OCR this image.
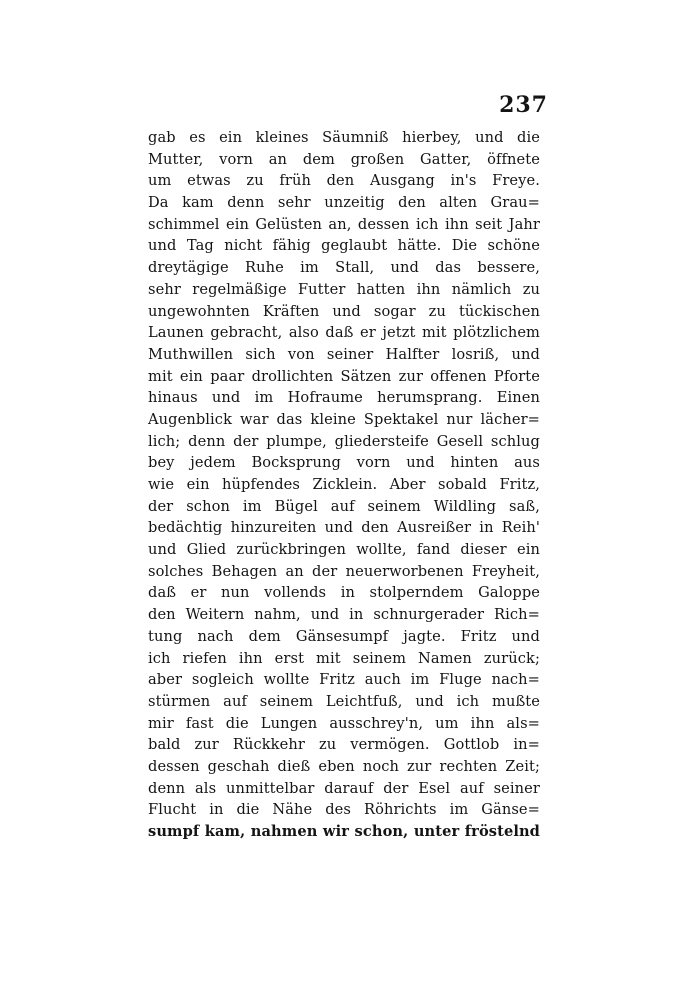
237
gab es ein kleines Säumniß hierbey, und die
Mutter, vorn an dem großen Gatter, öffnete
um etwas zu früh den Ausgang in's Freye.
Da kam denn sehr unzeitig den alten Grau=
schimmel ein Gelüsten an, dessen ich ihn seit Jahr
und Tag nicht fähig geglaubt hätte. Die schöne
dreytägige Ruhe im Stall, und das bessere,
sehr regelmäßige Futter hatten ihn nämlich zu
ungewohnten Kräften und sogar zu tückischen
Launen gebracht, also daß er jetzt mit plötzlichem
Muthwillen sich von seiner Halfter losriß, und
mit ein paar drollichten Sätzen zur offenen Pforte
hinaus und im Hofraume herumsprang. Einen
Augenblick war das kleine Spektakel nur lächer=
lich; denn der plumpe, gliedersteife Gesell schlug
bey jedem Bocksprung vorn und hinten aus
wie ein hüpfendes Zicklein. Aber sobald Fritz,
der schon im Bügel auf seinem Wildling saß,
bedächtig hinzureiten und den Ausreißer in Reih'
und Glied zurückbringen wollte, fand dieser ein
solches Behagen an der neuerworbenen Freyheit,
daß er nun vollends in stolperndem Galoppe
den Weitern nahm, und in schnurgerader Rich=
tung nach dem Gänsesumpf jagte. Fritz und
ich riefen ihn erst mit seinem Namen zurück;
aber sogleich wollte Fritz auch im Fluge nach=
stürmen auf seinem Leichtfuß, und ich mußte
mir fast die Lungen ausschrey'n, um ihn als=
bald zur Rückkehr zu vermögen. Gottlob in=
dessen geschah dieß eben noch zur rechten Zeit;
denn als unmittelbar darauf der Esel auf seiner
Flucht in die Nähe des Röhrichts im Gänse=
sumpf kam, nahmen wir schon, unter fröstelnd
